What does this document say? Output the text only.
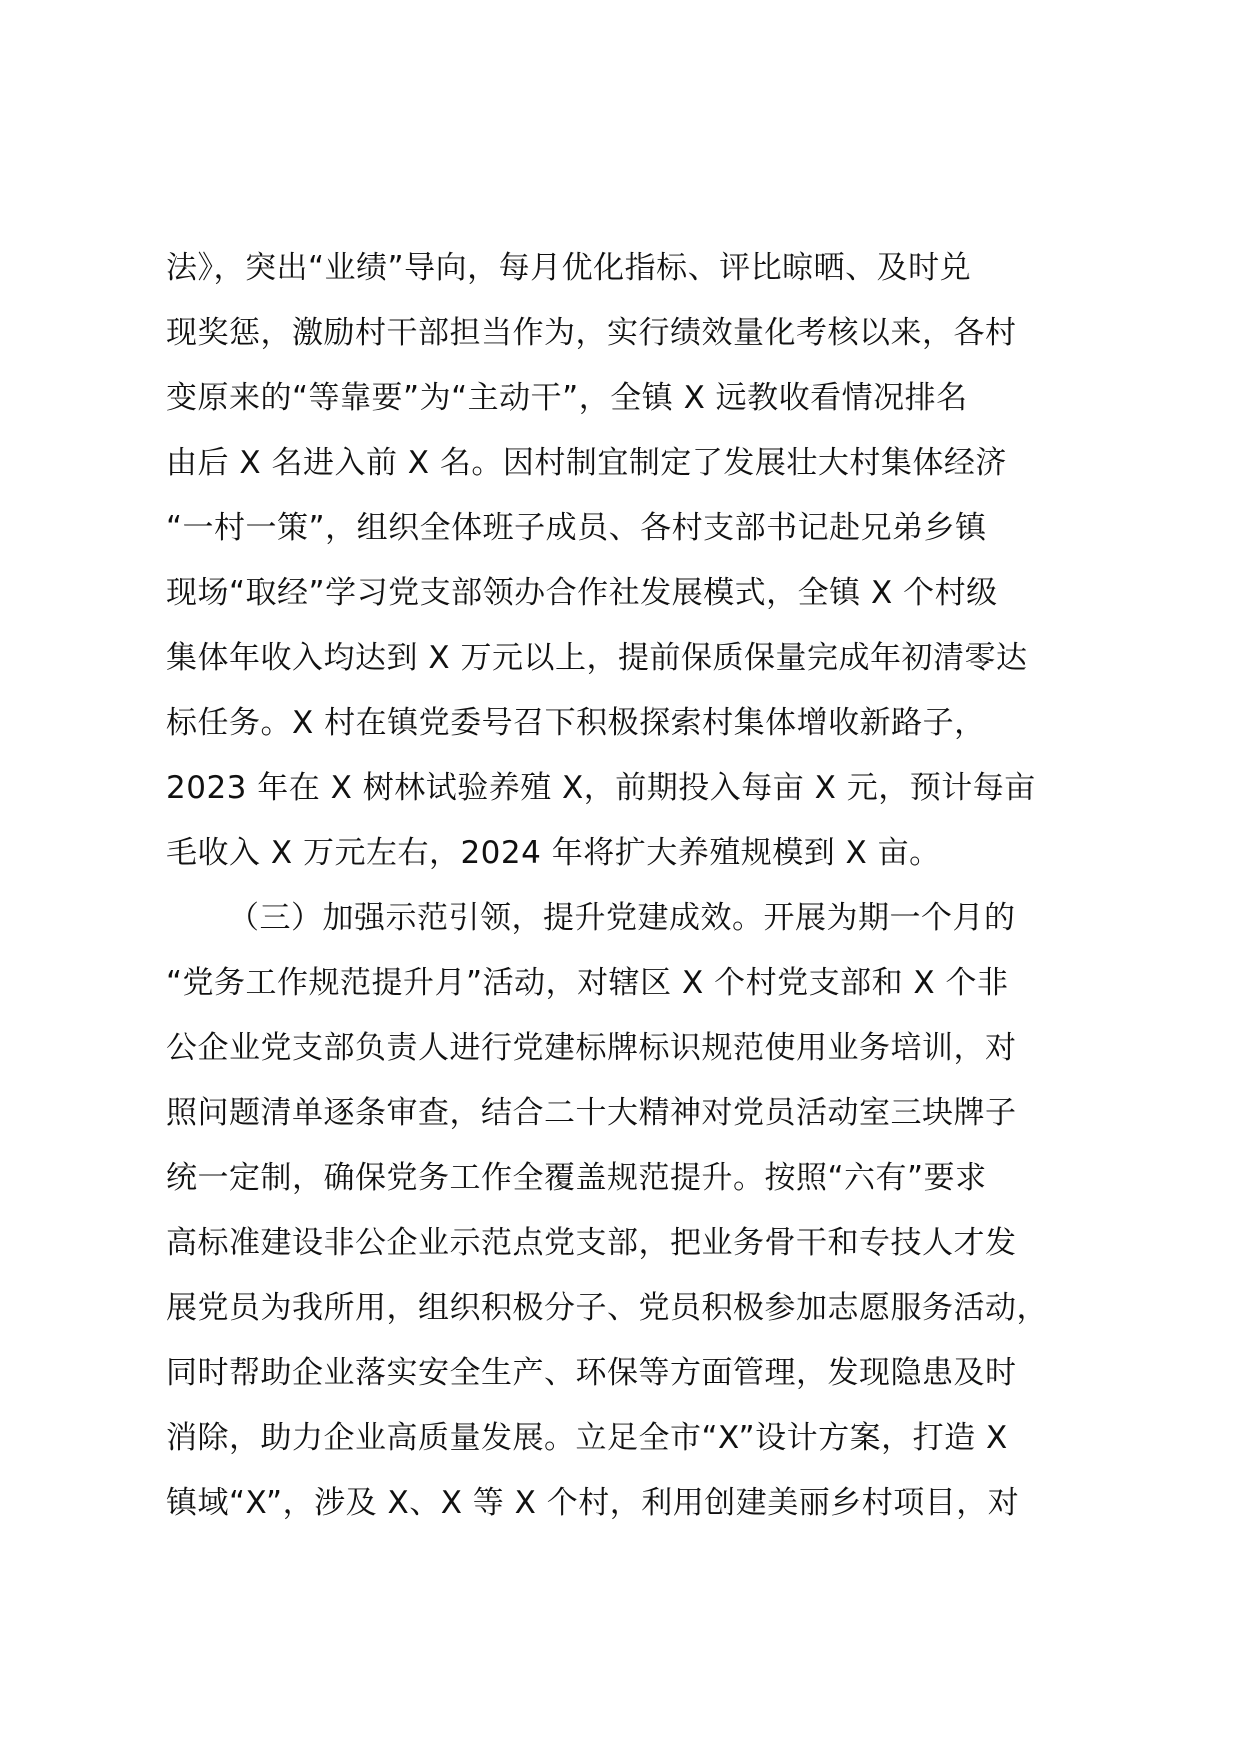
法》，突出“业绩”导向，每月优化指标、评比晾晒、及时兑
现奖惩，激励村干部担当作为，实行绩效量化考核以来，各村
变原来的“等靠要”为“主动干”，全镇 X 远教收看情况排名
由后 X 名进入前 X 名。因村制宜制定了发展壮大村集体经济
“一村一策”，组织全体班子成员、各村支部书记赴兄弟乡镇
现场“取经”学习党支部领办合作社发展模式，全镇 X 个村级
集体年收入均达到 X 万元以上，提前保质保量完成年初清零达
标任务。X 村在镇党委号召下积极探索村集体增收新路子，
2023 年在 X 树林试验养殖 X，前期投入每亩 X 元，预计每亩
毛收入 X 万元左右，2024 年将扩大养殖规模到 X 亩。
（三）加强示范引领，提升党建成效。开展为期一个月的
“党务工作规范提升月”活动，对辖区 X 个村党支部和 X 个非
公企业党支部负责人进行党建标牌标识规范使用业务培训，对
照问题清单逐条审查，结合二十大精神对党员活动室三块牌子
统一定制，确保党务工作全覆盖规范提升。按照“六有”要求
高标准建设非公企业示范点党支部，把业务骨干和专技人才发
展党员为我所用，组织积极分子、党员积极参加志愿服务活动，
同时帮助企业落实安全生产、环保等方面管理，发现隐患及时
消除，助力企业高质量发展。立足全市“X”设计方案，打造 X
镇域“X”，涉及 X、X 等 X 个村，利用创建美丽乡村项目，对
